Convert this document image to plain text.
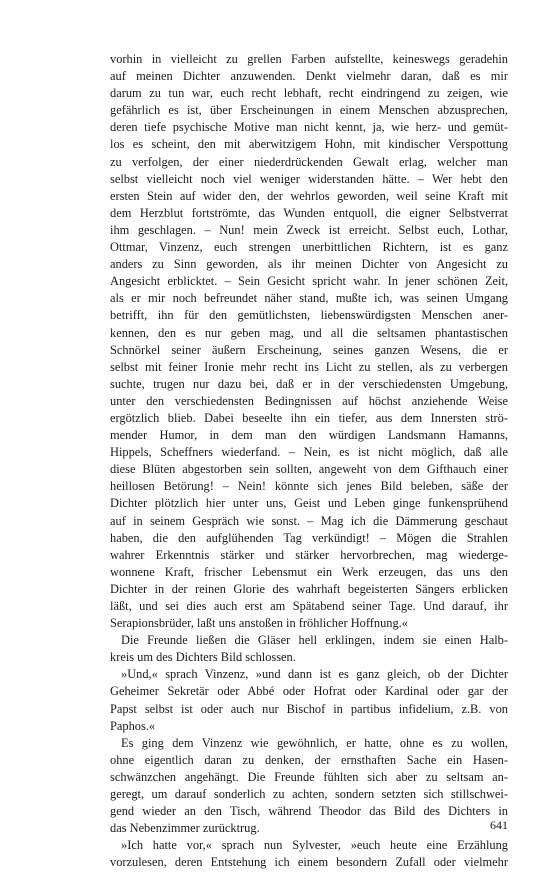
vorhin in vielleicht zu grellen Farben aufstellte, keineswegs geradehin
auf meinen Dichter anzuwenden. Denkt vielmehr daran, daß es mir
darum zu tun war, euch recht lebhaft, recht eindringend zu zeigen, wie
gefährlich es ist, über Erscheinungen in einem Menschen abzusprechen,
deren tiefe psychische Motive man nicht kennt, ja, wie herz- und gemüt-
los es scheint, den mit aberwitzigem Hohn, mit kindischer Verspottung
zu verfolgen, der einer niederdrückenden Gewalt erlag, welcher man
selbst vielleicht noch viel weniger widerstanden hätte. – Wer hebt den
ersten Stein auf wider den, der wehrlos geworden, weil seine Kraft mit
dem Herzblut fortströmte, das Wunden entquoll, die eigner Selbstverrat
ihm geschlagen. – Nun! mein Zweck ist erreicht. Selbst euch, Lothar,
Ottmar, Vinzenz, euch strengen unerbittlichen Richtern, ist es ganz
anders zu Sinn geworden, als ihr meinen Dichter von Angesicht zu
Angesicht erblicktet. – Sein Gesicht spricht wahr. In jener schönen Zeit,
als er mir noch befreundet näher stand, mußte ich, was seinen Umgang
betrifft, ihn für den gemütlichsten, liebenswürdigsten Menschen aner-
kennen, den es nur geben mag, und all die seltsamen phantastischen
Schnörkel seiner äußern Erscheinung, seines ganzen Wesens, die er
selbst mit feiner Ironie mehr recht ins Licht zu stellen, als zu verbergen
suchte, trugen nur dazu bei, daß er in der verschiedensten Umgebung,
unter den verschiedensten Bedingnissen auf höchst anziehende Weise
ergötzlich blieb. Dabei beseelte ihn ein tiefer, aus dem Innersten strö-
mender Humor, in dem man den würdigen Landsmann Hamanns,
Hippels, Scheffners wiederfand. – Nein, es ist nicht möglich, daß alle
diese Blüten abgestorben sein sollten, angeweht von dem Gifthauch einer
heillosen Betörung! – Nein! könnte sich jenes Bild beleben, säße der
Dichter plötzlich hier unter uns, Geist und Leben ginge funkensprühend
auf in seinem Gespräch wie sonst. – Mag ich die Dämmerung geschaut
haben, die den aufglühenden Tag verkündigt! – Mögen die Strahlen
wahrer Erkenntnis stärker und stärker hervorbrechen, mag wiederge-
wonnene Kraft, frischer Lebensmut ein Werk erzeugen, das uns den
Dichter in der reinen Glorie des wahrhaft begeisterten Sängers erblicken
läßt, und sei dies auch erst am Spätabend seiner Tage. Und darauf, ihr
Serapionsbrüder, laßt uns anstoßen in fröhlicher Hoffnung.«
Die Freunde ließen die Gläser hell erklingen, indem sie einen Halb-
kreis um des Dichters Bild schlossen.
»Und,« sprach Vinzenz, »und dann ist es ganz gleich, ob der Dichter
Geheimer Sekretär oder Abbé oder Hofrat oder Kardinal oder gar der
Papst selbst ist oder auch nur Bischof in partibus infidelium, z.B. von
Paphos.«
Es ging dem Vinzenz wie gewöhnlich, er hatte, ohne es zu wollen,
ohne eigentlich daran zu denken, der ernsthaften Sache ein Hasen-
schwänzchen angehängt. Die Freunde fühlten sich aber zu seltsam an-
geregt, um darauf sonderlich zu achten, sondern setzten sich stillschwei-
gend wieder an den Tisch, während Theodor das Bild des Dichters in
das Nebenzimmer zurücktrug.
»Ich hatte vor,« sprach nun Sylvester, »euch heute eine Erzählung
vorzulesen, deren Entstehung ich einem besondern Zufall oder vielmehr
641
